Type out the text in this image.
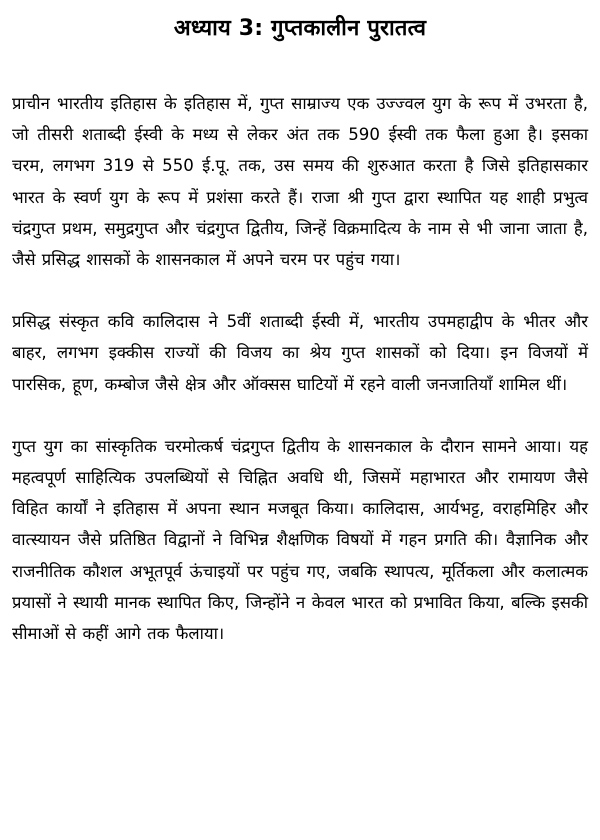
अध्याय 3: गुप्तकालीन पुरातत्व

प्राचीन भारतीय इतिहास के इतिहास में, गुप्त साम्राज्य एक उज्ज्वल युग के रूप में उभरता है, जो तीसरी शताब्दी ईस्वी के मध्य से लेकर अंत तक 590 ईस्वी तक फैला हुआ है। इसका चरम, लगभग 319 से 550 ई.पू. तक, उस समय की शुरुआत करता है जिसे इतिहासकार भारत के स्वर्ण युग के रूप में प्रशंसा करते हैं। राजा श्री गुप्त द्वारा स्थापित यह शाही प्रभुत्व चंद्रगुप्त प्रथम, समुद्रगुप्त और चंद्रगुप्त द्वितीय, जिन्हें विक्रमादित्य के नाम से भी जाना जाता है, जैसे प्रसिद्ध शासकों के शासनकाल में अपने चरम पर पहुंच गया।

प्रसिद्ध संस्कृत कवि कालिदास ने 5वीं शताब्दी ईस्वी में, भारतीय उपमहाद्वीप के भीतर और बाहर, लगभग इक्कीस राज्यों की विजय का श्रेय गुप्त शासकों को दिया। इन विजयों में पारसिक, हूण, कम्बोज जैसे क्षेत्र और ऑक्सस घाटियों में रहने वाली जनजातियाँ शामिल थीं।

गुप्त युग का सांस्कृतिक चरमोत्कर्ष चंद्रगुप्त द्वितीय के शासनकाल के दौरान सामने आया। यह महत्वपूर्ण साहित्यिक उपलब्धियों से चिह्नित अवधि थी, जिसमें महाभारत और रामायण जैसे विहित कार्यों ने इतिहास में अपना स्थान मजबूत किया। कालिदास, आर्यभट्ट, वराहमिहिर और वात्स्यायन जैसे प्रतिष्ठित विद्वानों ने विभिन्न शैक्षणिक विषयों में गहन प्रगति की। वैज्ञानिक और राजनीतिक कौशल अभूतपूर्व ऊंचाइयों पर पहुंच गए, जबकि स्थापत्य, मूर्तिकला और कलात्मक प्रयासों ने स्थायी मानक स्थापित किए, जिन्होंने न केवल भारत को प्रभावित किया, बल्कि इसकी सीमाओं से कहीं आगे तक फैलाया।
